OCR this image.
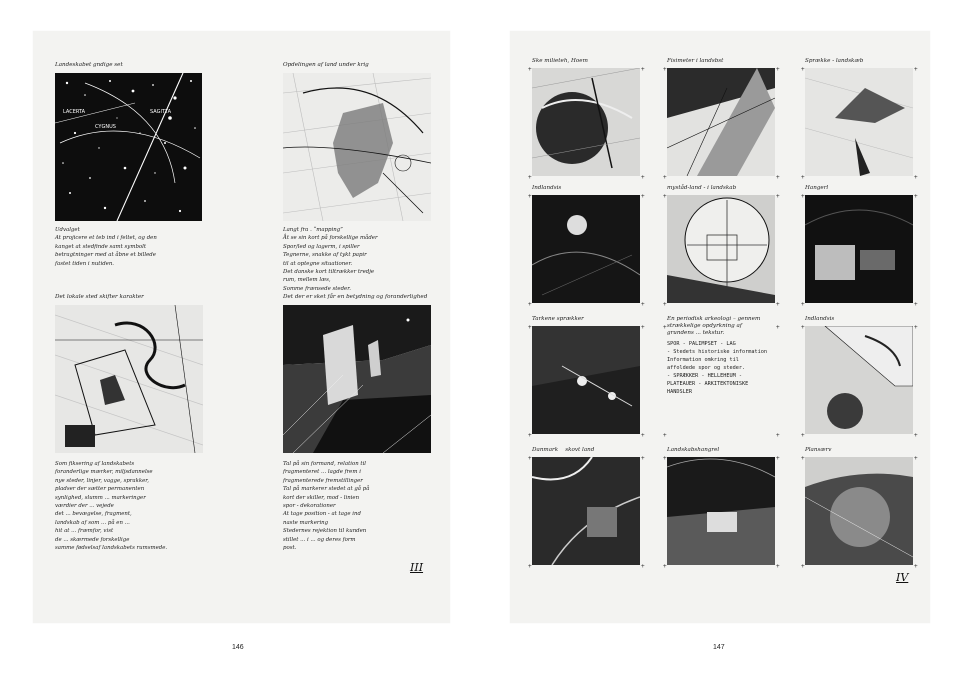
Landeskabet gndige set
LACERTA
CYGNUS
SAGITTA
Udvalget
At projicere et teb ind i feltet, og den
kanget at stedfinde samt symbolt
betragtninger med at åbne et billede
fastet tiden i nutiden.
Opdelingen af land under krig
Langt fra . “mapping”
Åt se sin kort på forskellige måder
Spor/led og lagerm, i spiller
Tegnerne, snakke af tykt papir
til at optegne situationer.
Det danske kort tiltrækker tredje
rum, mellem læs,
Somme frænsede steder.
Det lokale sted skifter karakter
Som fiksering af landskabets
foranderlige mærker, miljsdannelse
nye steder, linjer, vagge, sprakker,
pladser der sætter permanenten
synlighed, slumm ... markeringer
værdier der ... vejede
det ... bevægelse, fragment,
landskab af som ... på en ...
hit at ... fræmfor, vist
de ... skærmede forskellige
samme fødselsaf landskabets rumsmede.
Det der er sket får en betydning og foranderlighed
Tal på sin formand, relation til
fragmenteret ... lagde frem i
fragmenterede fremstillinger
Tal på markerer stedet at gå på
kort der skiller, mod - linien
spor - dekorationer
At tage position - at tage ind
naste markering
Stedernes rejektion til kunden
stillet ... i ... og deres form
post.
III
146
Ske milieteh, Hoem
+	+
+	+
Fisimeter i landsbst
+	+
+	+
Sprække - landskæb
+	+
+	+
Indlandsis
+	+
+	+
myståd-land - i landskab
+	+
+	+
Hangerl
+	+
+	+
Tarkene sprækker
+	+
+	+
En periodisk arkeologi – gennem
strækkelige opdyrkning af
grundens ... tekstur.
SPOR - PALIMPSET - LAG
- Stedets historiske information
Information omkring til
affoldede spor og steder.
- SPRÆKKER - HELLEHEUM -
PLATEAUER - ARKITEKTONISKE
HANDSLER
+	+
+	+
Indlandsis
+	+
+	+
Danmark    skovt land
+	+
+	+
Landskabshangrel
+	+
+	+
Plansærv
+	+
+	+
IV
147
